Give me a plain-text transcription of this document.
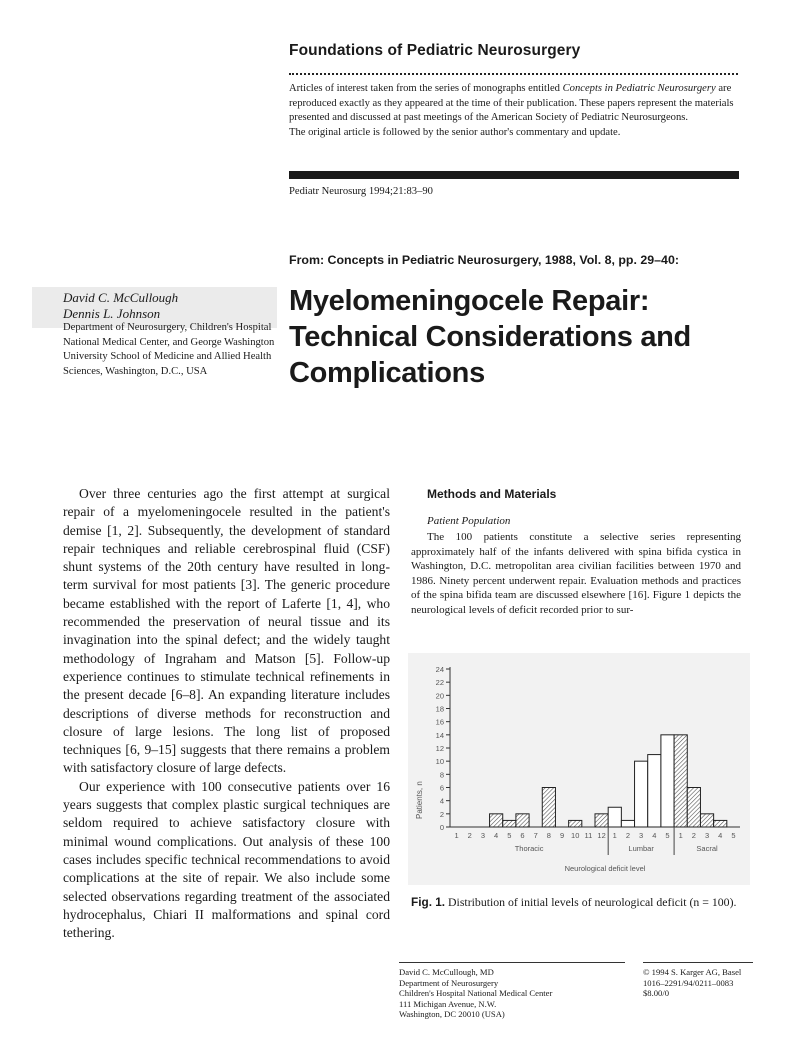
Foundations of Pediatric Neurosurgery

Articles of interest taken from the series of monographs entitled Concepts in Pediatric Neurosurgery are reproduced exactly as they appeared at the time of their publication. These papers represent the materials presented and discussed at past meetings of the American Society of Pediatric Neurosurgeons.
The original article is followed by the senior author's commentary and update.

Pediatr Neurosurg 1994;21:83–90

From: Concepts in Pediatric Neurosurgery, 1988, Vol. 8, pp. 29–40:

David C. McCullough

Dennis L. Johnson

Department of Neurosurgery, Children's Hospital National Medical Center, and George Washington University School of Medicine and Allied Health Sciences, Washington, D.C., USA

Myelomeningocele Repair:
Technical Considerations and
Complications

Over three centuries ago the first attempt at surgical repair of a myelomeningocele resulted in the patient's demise [1, 2]. Subsequently, the development of standard repair techniques and reliable cerebrospinal fluid (CSF) shunt systems of the 20th century have resulted in long-term survival for most patients [3]. The generic procedure became established with the report of Laferte [1, 4], who recommended the preservation of neural tissue and its invagination into the spinal defect; and the widely taught methodology of Ingraham and Matson [5]. Follow-up experience continues to stimulate technical refinements in the present decade [6–8]. An expanding literature includes descriptions of diverse methods for reconstruction and closure of large lesions. The long list of proposed techniques [6, 9–15] suggests that there remains a problem with satisfactory closure of large defects.

Our experience with 100 consecutive patients over 16 years suggests that complex plastic surgical techniques are seldom required to achieve satisfactory closure with minimal wound complications. Out analysis of these 100 cases includes specific technical recommendations to avoid complications at the site of repair. We also include some selected observations regarding treatment of the associated hydrocephalus, Chiari II malformations and spinal cord tethering.

Methods and Materials

Patient Population

The 100 patients constitute a selective series representing approximately half of the infants delivered with spina bifida cystica in Washington, D.C. metropolitan area civilian facilities between 1970 and 1986. Ninety percent underwent repair. Evaluation methods and practices of the spina bifida team are discussed elsewhere [16]. Figure 1 depicts the neurological levels of deficit recorded prior to sur-

0
2
4
6
8
10
12
14
16
18
20
22
24
Patients, n
1 2 3 4 5 6 7 8 9 10 11 12 1 2 3 4 5 1 2 3 4 5
Thoracic	Lumbar	Sacral
Neurological deficit level

Fig. 1. Distribution of initial levels of neurological deficit (n = 100).

David C. McCullough, MD
Department of Neurosurgery
Children's Hospital National Medical Center
111 Michigan Avenue, N.W.
Washington, DC 20010 (USA)

© 1994 S. Karger AG, Basel
1016–2291/94/0211–0083
$8.00/0
